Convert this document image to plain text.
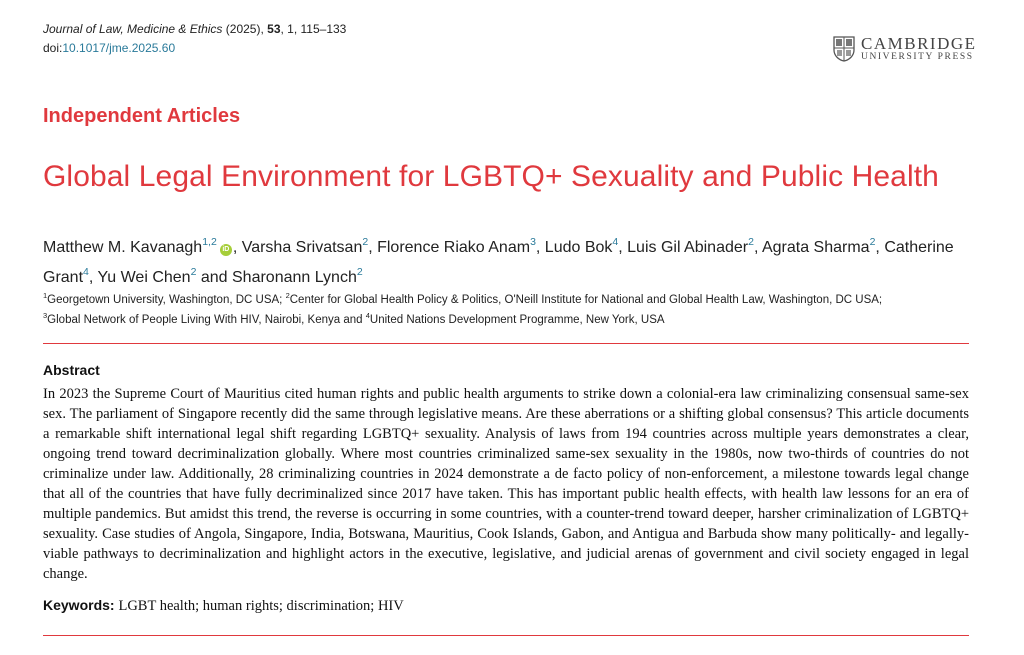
Journal of Law, Medicine & Ethics (2025), 53, 1, 115–133
doi:10.1017/jme.2025.60	CAMBRIDGE
UNIVERSITY PRESS
Independent Articles
Global Legal Environment for LGBTQ+ Sexuality and Public Health
Matthew M. Kavanagh$^{1,2}$iD , Varsha Srivatsan$^2$, Florence Riako Anam$^3$, Ludo Bok$^4$, Luis Gil Abinader$^2$, Agrata Sharma$^2$, Catherine Grant$^4$, Yu Wei Chen$^2$ and Sharonann Lynch$^2$
$^1$Georgetown University, Washington, DC USA; $^2$Center for Global Health Policy & Politics, O'Neill Institute for National and Global Health Law, Washington, DC USA;
$^3$Global Network of People Living With HIV, Nairobi, Kenya and $^4$United Nations Development Programme, New York, USA
Abstract
In 2023 the Supreme Court of Mauritius cited human rights and public health arguments to strike down a colonial-era law criminalizing consensual same-sex sex. The parliament of Singapore recently did the same through legislative means. Are these aberrations or a shifting global consensus? This article documents a remarkable shift international legal shift regarding LGBTQ+ sexuality. Analysis of laws from 194 countries across multiple years demonstrates a clear, ongoing trend toward decriminalization globally. Where most countries criminalized same-sex sexuality in the 1980s, now two-thirds of countries do not criminalize under law. Additionally, 28 criminalizing countries in 2024 demonstrate a de facto policy of non-enforcement, a milestone towards legal change that all of the countries that have fully decriminalized since 2017 have taken. This has important public health effects, with health law lessons for an era of multiple pandemics. But amidst this trend, the reverse is occurring in some countries, with a counter-trend toward deeper, harsher criminalization of LGBTQ+ sexuality. Case studies of Angola, Singapore, India, Botswana, Mauritius, Cook Islands, Gabon, and Antigua and Barbuda show many politically- and legally-viable pathways to decriminalization and highlight actors in the executive, legislative, and judicial arenas of government and civil society engaged in legal change.
Keywords: LGBT health; human rights; discrimination; HIV
